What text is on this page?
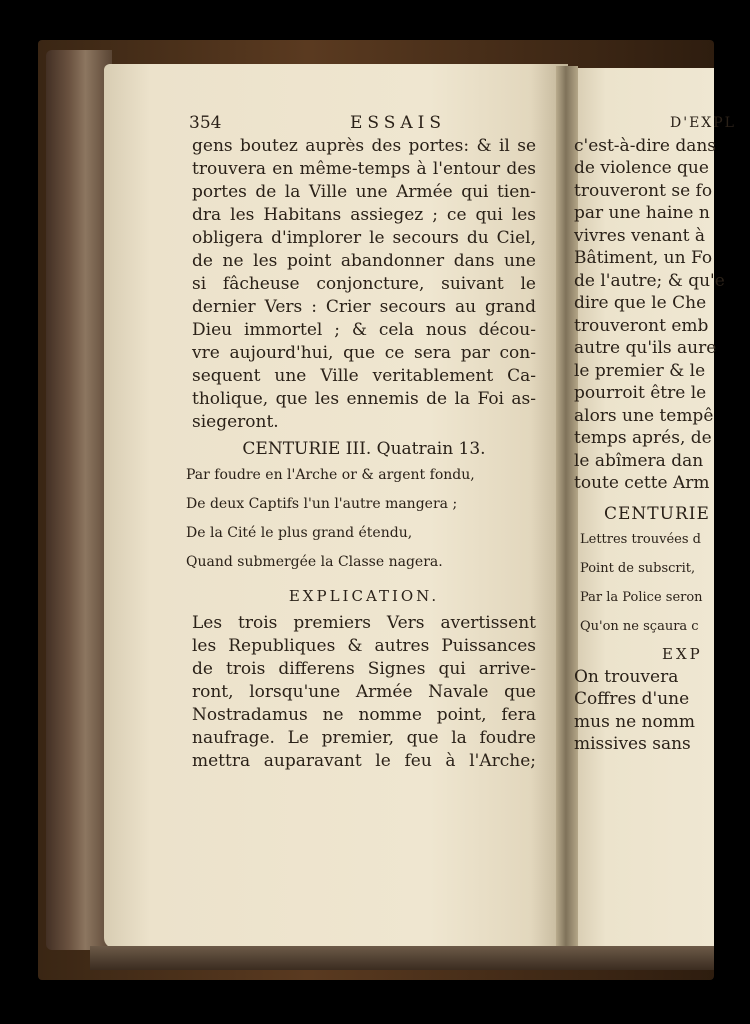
354	ESSAIS
gens boutez auprès des portes: & il se
trouvera en même-temps à l'entour des
portes de la Ville une Armée qui tien-
dra les Habitans assiegez ; ce qui les
obligera d'implorer le secours du Ciel,
de ne les point abandonner dans une
si fâcheuse conjoncture, suivant le
dernier Vers : Crier secours au grand
Dieu immortel ; & cela nous décou-
vre aujourd'hui, que ce sera par con-
sequent une Ville veritablement Ca-
tholique, que les ennemis de la Foi as-
siegeront.
CENTURIE III. Quatrain 13.
Par foudre en l'Arche or & argent fondu,
De deux Captifs l'un l'autre mangera ;
De la Cité le plus grand étendu,
Quand submergée la Classe nagera.
EXPLICATION.
Les trois premiers Vers avertissent
les Republiques & autres Puissances
de trois differens Signes qui arrive-
ront, lorsqu'une Armée Navale que
Nostradamus ne nomme point, fera
naufrage. Le premier, que la foudre
mettra auparavant le feu à l'Arche;
D'EXPL
c'est-à-dire dans
de violence que
trouveront se fo
par une haine n
vivres venant à
Bâtiment, un Fo
de l'autre; & qu'e
dire que le Che
trouveront emb
autre qu'ils aure
le premier & le
pourroit être le
alors une tempê
temps aprés, de
le abîmera dan
toute cette Arm
CENTURIE
Lettres trouvées d
Point de subscrit,
Par la Police seron
Qu'on ne sçaura c
EXP
On trouvera
Coffres d'une
mus ne nomm
missives sans
